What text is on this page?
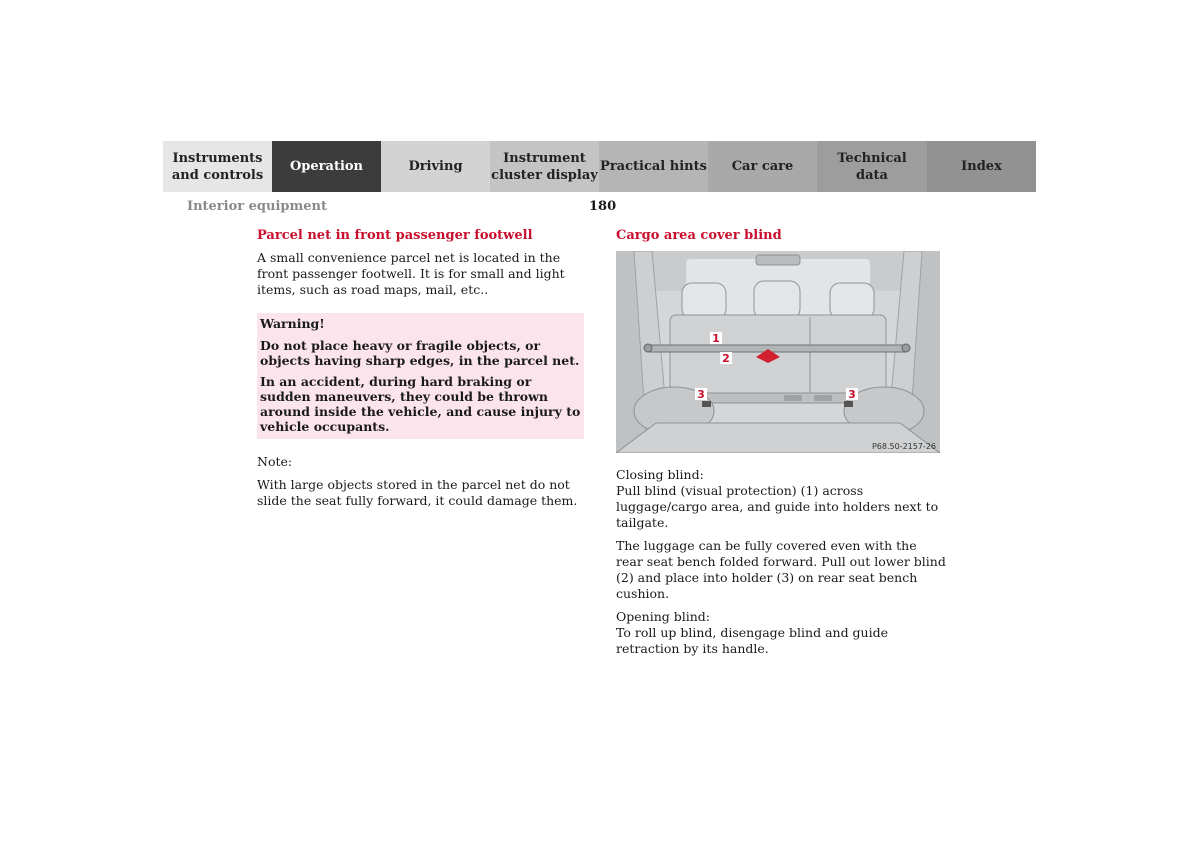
Instruments
and controls
Operation	Driving
Instrument
cluster display
Practical hints Car care
Technical
data
Index
Interior equipment	180
Parcel net in front passenger footwell

A small convenience parcel net is located in the front passenger footwell. It is for small and light items, such as road maps, mail, etc..

Warning!
Do not place heavy or fragile objects, or objects having sharp edges, in the parcel net.
In an accident, during hard braking or sudden maneuvers, they could be thrown around inside the vehicle, and cause injury to vehicle occupants.

Note:

With large objects stored in the parcel net do not slide the seat fully forward, it could damage them.

Cargo area cover blind
1
2
3	3
P68.50-2157-26

Closing blind:

Pull blind (visual protection) (1) across luggage/cargo area, and guide into holders next to tailgate.

The luggage can be fully covered even with the rear seat bench folded forward. Pull out lower blind (2) and place into holder (3) on rear seat bench cushion.

Opening blind:

To roll up blind, disengage blind and guide retraction by its handle.
